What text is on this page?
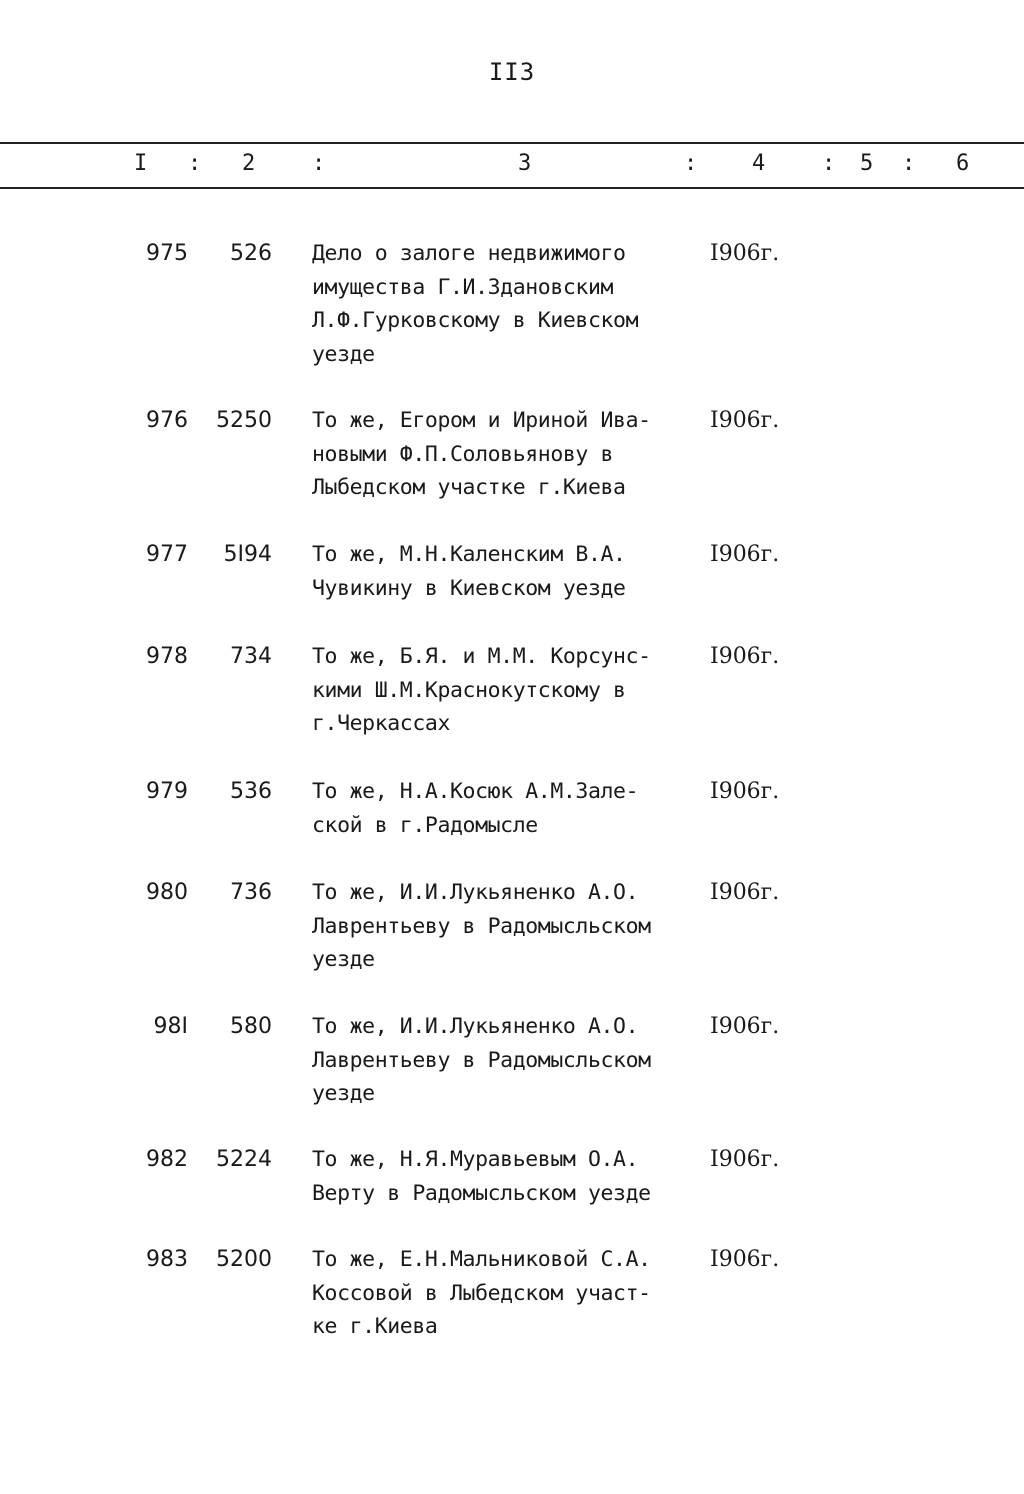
II3
I : 2	:	3	: 4	: 5 : 6
975	526 Дело о залоге недвижимого
имущества Г.И.Здановским
Л.Ф.Гурковскому в Киевском
уезде
I906г.
976	5250 То же, Егором и Ириной Ива-
новыми Ф.П.Соловьянову в
Лыбедском участке г.Киева
I906г.
977	5I94 То же, М.Н.Каленским В.А.
Чувикину в Киевском уезде
I906г.
978	734 То же, Б.Я. и М.М. Корсунс-
кими Ш.М.Краснокутскому в
г.Черкассах
I906г.
979	536 То же, Н.А.Косюк А.М.Зале-
ской в г.Радомысле
I906г.
980	736 То же, И.И.Лукьяненко А.О.
Лаврентьеву в Радомысльском
уезде
I906г.
98I	580 То же, И.И.Лукьяненко А.О.
Лаврентьеву в Радомысльском
уезде
I906г.
982	5224 То же, Н.Я.Муравьевым О.А.
Верту в Радомысльском уезде
I906г.
983	5200 То же, Е.Н.Мальниковой С.А.
Коссовой в Лыбедском участ-
ке г.Киева
I906г.
